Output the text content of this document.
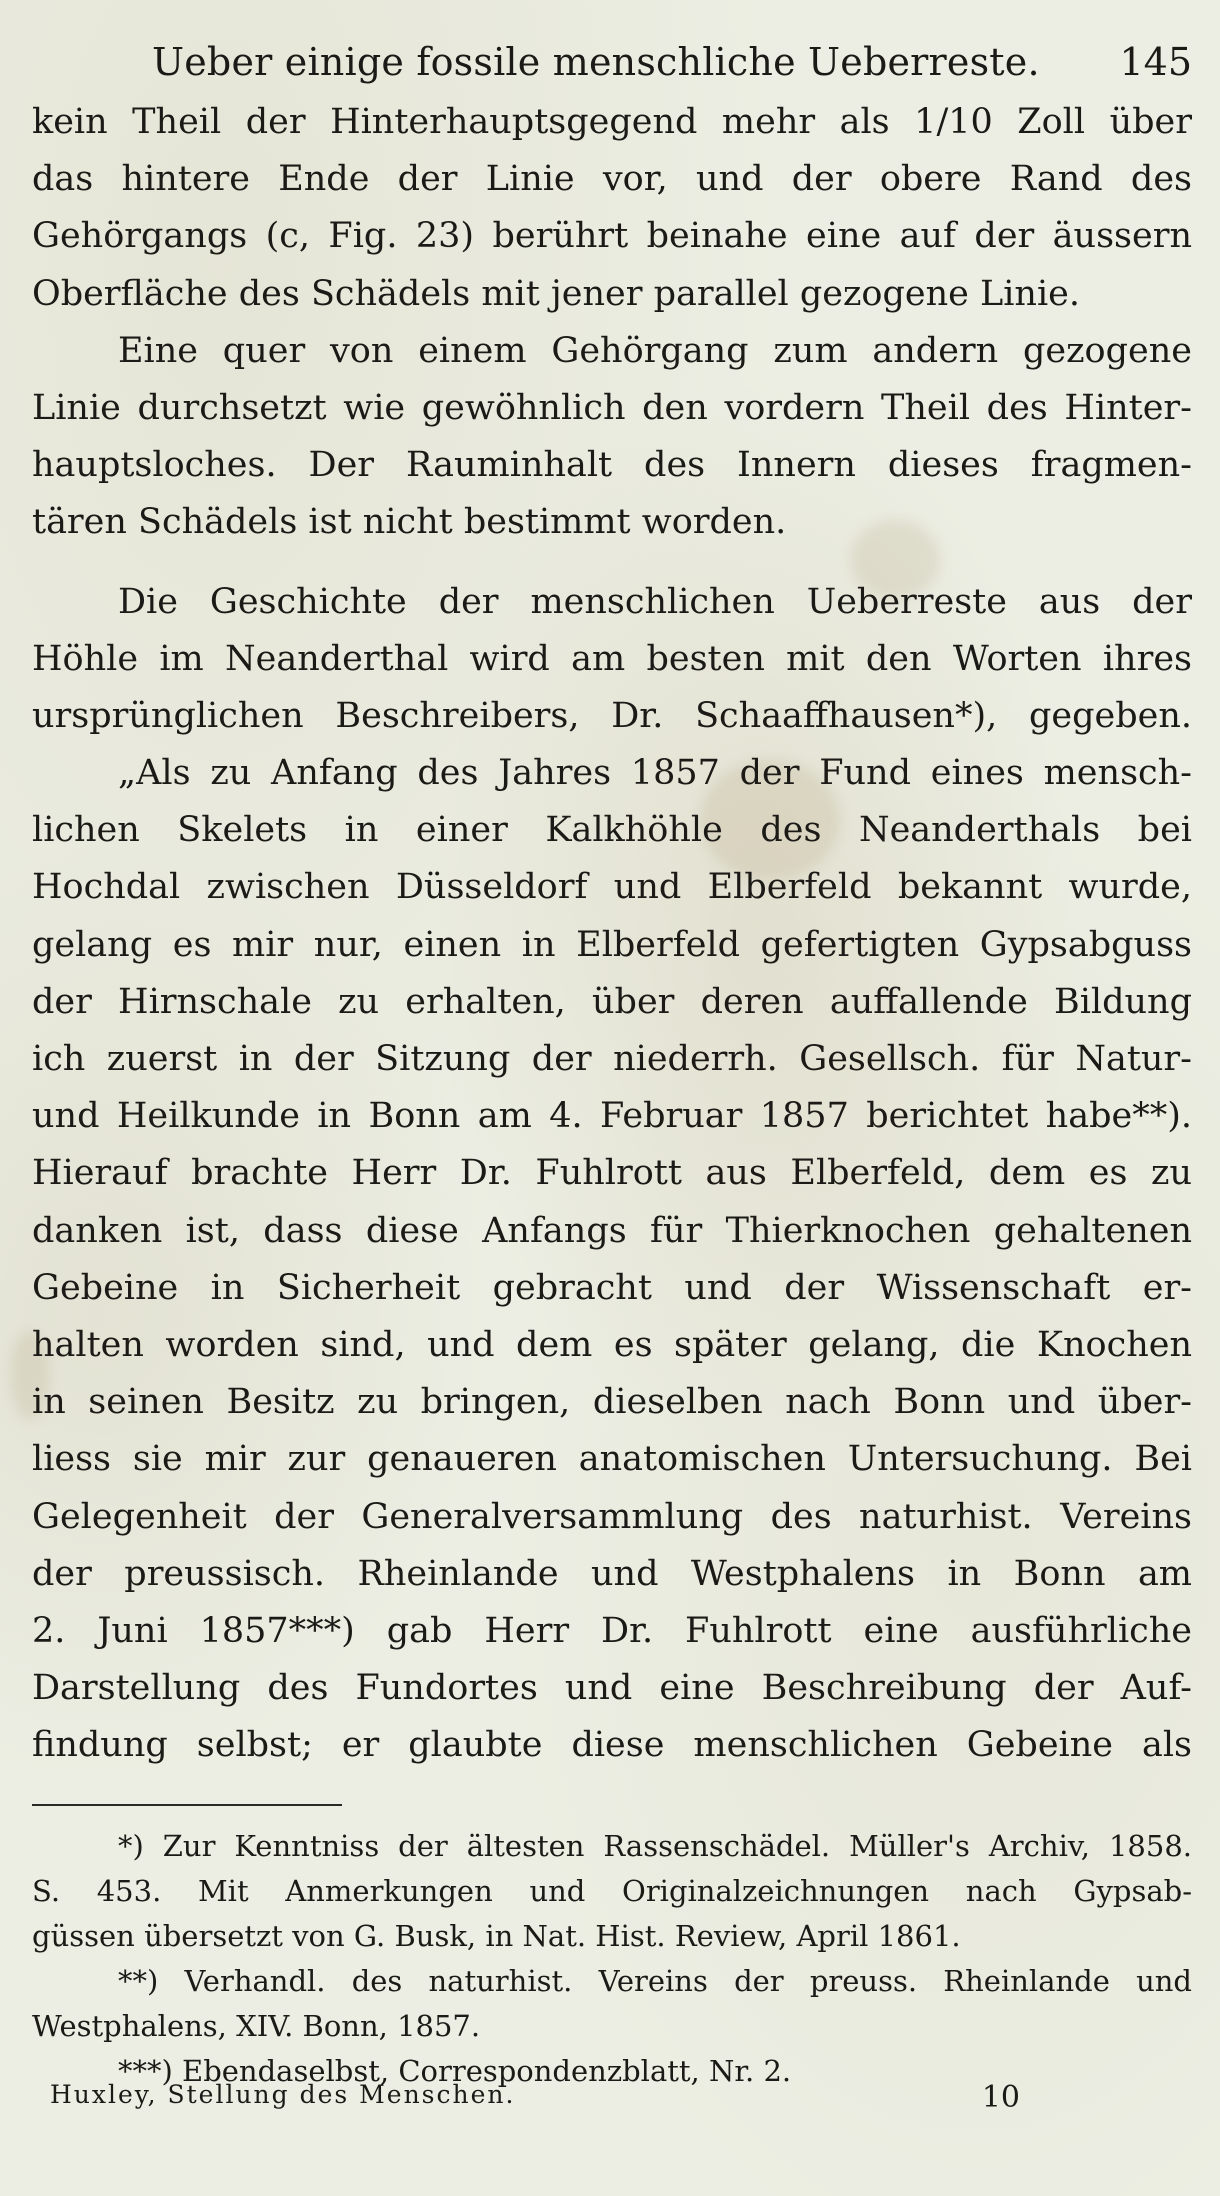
Ueber einige fossile menschliche Ueberreste. 145
kein Theil der Hinterhauptsgegend mehr als 1/10 Zoll über
das hintere Ende der Linie vor, und der obere Rand des
Gehörgangs (c, Fig. 23) berührt beinahe eine auf der äussern
Oberfläche des Schädels mit jener parallel gezogene Linie.
Eine quer von einem Gehörgang zum andern gezogene
Linie durchsetzt wie gewöhnlich den vordern Theil des Hinter-
hauptsloches. Der Rauminhalt des Innern dieses fragmen-
tären Schädels ist nicht bestimmt worden.
Die Geschichte der menschlichen Ueberreste aus der
Höhle im Neanderthal wird am besten mit den Worten ihres
ursprünglichen Beschreibers, Dr. Schaaffhausen*), gegeben.
„Als zu Anfang des Jahres 1857 der Fund eines mensch-
lichen Skelets in einer Kalkhöhle des Neanderthals bei
Hochdal zwischen Düsseldorf und Elberfeld bekannt wurde,
gelang es mir nur, einen in Elberfeld gefertigten Gypsabguss
der Hirnschale zu erhalten, über deren auffallende Bildung
ich zuerst in der Sitzung der niederrh. Gesellsch. für Natur-
und Heilkunde in Bonn am 4. Februar 1857 berichtet habe**).
Hierauf brachte Herr Dr. Fuhlrott aus Elberfeld, dem es zu
danken ist, dass diese Anfangs für Thierknochen gehaltenen
Gebeine in Sicherheit gebracht und der Wissenschaft er-
halten worden sind, und dem es später gelang, die Knochen
in seinen Besitz zu bringen, dieselben nach Bonn und über-
liess sie mir zur genaueren anatomischen Untersuchung. Bei
Gelegenheit der Generalversammlung des naturhist. Vereins
der preussisch. Rheinlande und Westphalens in Bonn am
2. Juni 1857***) gab Herr Dr. Fuhlrott eine ausführliche
Darstellung des Fundortes und eine Beschreibung der Auf-
findung selbst; er glaubte diese menschlichen Gebeine als
*) Zur Kenntniss der ältesten Rassenschädel. Müller's Archiv, 1858.
S. 453. Mit Anmerkungen und Originalzeichnungen nach Gypsab-
güssen übersetzt von G. Busk, in Nat. Hist. Review, April 1861.
**) Verhandl. des naturhist. Vereins der preuss. Rheinlande und
Westphalens, XIV. Bonn, 1857.
***) Ebendaselbst, Correspondenzblatt, Nr. 2.
Huxley, Stellung des Menschen.	10
